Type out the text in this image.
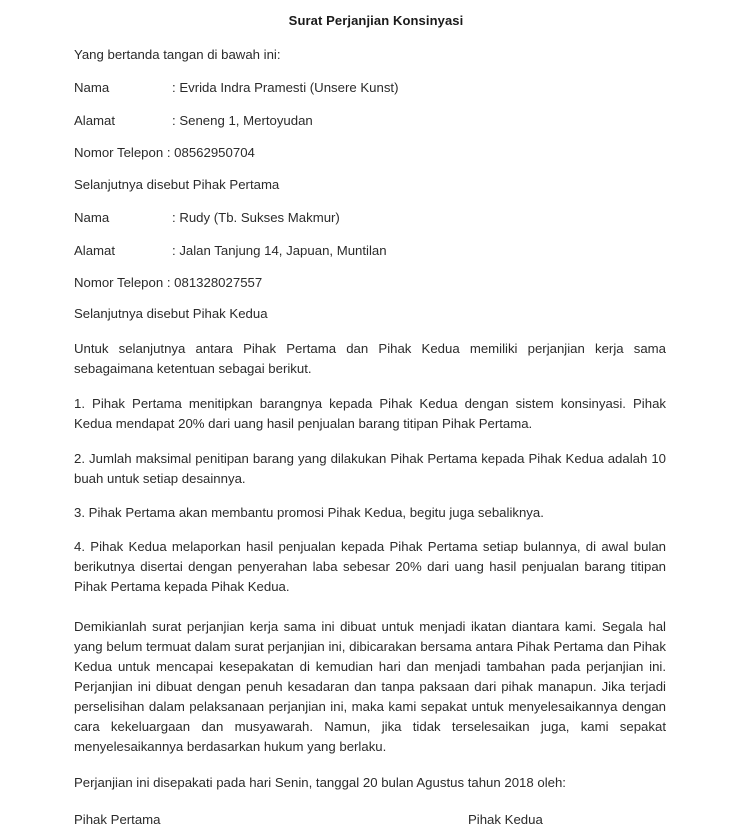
Surat Perjanjian Konsinyasi
Yang bertanda tangan di bawah ini:
Nama	: Evrida Indra Pramesti (Unsere Kunst)
Alamat	: Seneng 1, Mertoyudan
Nomor Telepon : 08562950704
Selanjutnya disebut Pihak Pertama
Nama	: Rudy (Tb. Sukses Makmur)
Alamat	: Jalan Tanjung 14, Japuan, Muntilan
Nomor Telepon : 081328027557
Selanjutnya disebut Pihak Kedua
Untuk selanjutnya antara Pihak Pertama dan Pihak Kedua memiliki perjanjian kerja sama sebagaimana ketentuan sebagai berikut.
1. Pihak Pertama menitipkan barangnya kepada Pihak Kedua dengan sistem konsinyasi. Pihak Kedua mendapat 20% dari uang hasil penjualan barang titipan Pihak Pertama.
2. Jumlah maksimal penitipan barang yang dilakukan Pihak Pertama kepada Pihak Kedua adalah 10 buah untuk setiap desainnya.
3. Pihak Pertama akan membantu promosi Pihak Kedua, begitu juga sebaliknya.
4. Pihak Kedua melaporkan hasil penjualan kepada Pihak Pertama setiap bulannya, di awal bulan berikutnya disertai dengan penyerahan laba sebesar 20% dari uang hasil penjualan barang titipan Pihak Pertama kepada Pihak Kedua.
Demikianlah surat perjanjian kerja sama ini dibuat untuk menjadi ikatan diantara kami. Segala hal yang belum termuat dalam surat perjanjian ini, dibicarakan bersama antara Pihak Pertama dan Pihak Kedua untuk mencapai kesepakatan di kemudian hari dan menjadi tambahan pada perjanjian ini. Perjanjian ini dibuat dengan penuh kesadaran dan tanpa paksaan dari pihak manapun. Jika terjadi perselisihan dalam pelaksanaan perjanjian ini, maka kami sepakat untuk menyelesaikannya dengan cara kekeluargaan dan musyawarah. Namun, jika tidak terselesaikan juga, kami sepakat menyelesaikannya berdasarkan hukum yang berlaku.
Perjanjian ini disepakati pada hari Senin, tanggal 20 bulan Agustus tahun 2018 oleh:
Pihak Pertama	Pihak Kedua
